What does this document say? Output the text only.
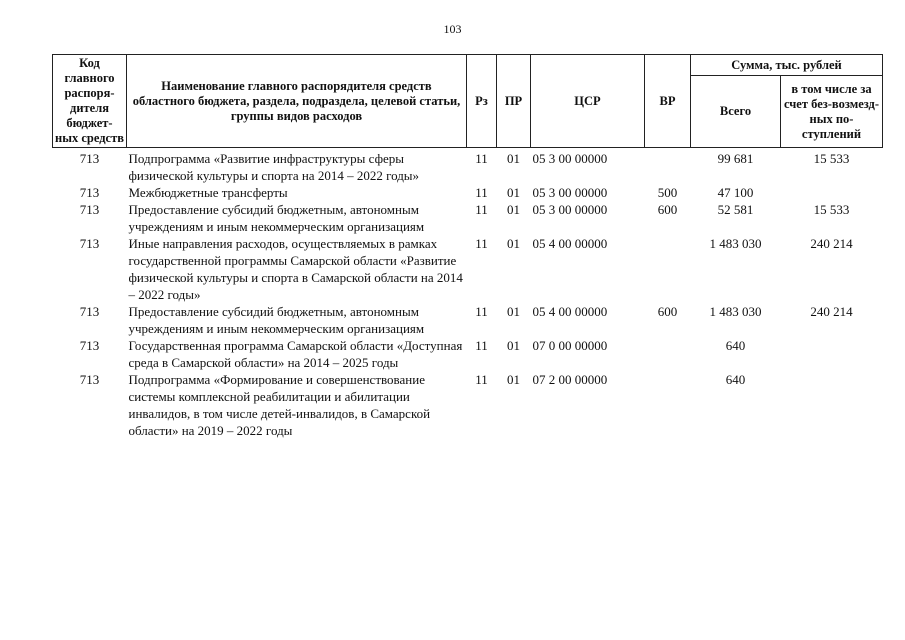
103
Код главного распоря-дителя бюджет-ных средств	Наименование главного распорядителя средств областного бюджета, раздела, подраздела, целевой статьи, группы видов расходов	Рз	ПР	ЦСР	ВР	Сумма, тыс. рублей	
						Всего	в том числе за счет без-возмезд-ных по-ступлений
713	Подпрограмма «Развитие инфраструктуры сферы физической культуры и спорта на 2014 – 2022 годы»	11	01	05 3 00 00000		99 681	15 533
713	Межбюджетные трансферты	11	01	05 3 00 00000	500	47 100	
713	Предоставление субсидий бюджетным, автономным учреждениям и иным некоммерческим организациям	11	01	05 3 00 00000	600	52 581	15 533
713	Иные направления расходов, осуществляемых в рамках государственной программы Самарской области «Развитие физической культуры и спорта в Самарской области на 2014 – 2022 годы»	11	01	05 4 00 00000		1 483 030	240 214
713	Предоставление субсидий бюджетным, автономным учреждениям и иным некоммерческим организациям	11	01	05 4 00 00000	600	1 483 030	240 214
713	Государственная программа Самарской области «Доступная среда в Самарской области» на 2014 – 2025 годы	11	01	07 0 00 00000		640	
713	Подпрограмма «Формирование и совершенствование системы комплексной реабилитации и абилитации инвалидов, в том числе детей-инвалидов, в Самарской области» на 2019 – 2022 годы	11	01	07 2 00 00000		640	
